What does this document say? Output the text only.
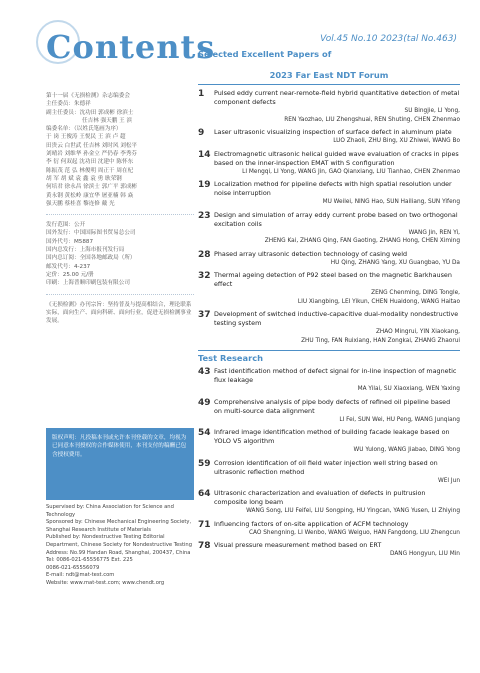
Contents	Vol.45 No.10 2023(tal No.463)

第十一届《无损检测》杂志编委会

主任委员：朱德祥

副主任委员：沈功田 郭成彬 徐滨士

任吉林 强天鹏 王 滨

编委名单：（以姓氏笔画为序）

于 岗 王俊涛 王悦民 王 滨 卢 超

田贵云 白世武 任吉林 刘时风 刘松平

刘晴岩 刘维华 孙金立 严仍春 李秀芬

李 衍 何双起 沈功田 沈建中 陈怀东

陈振茂 范 弘 林俊明 周正干 周在杞

胡 军 胡 斌 袁 鑫 袁 勇 耿荣钢

何培君 徐永昌 徐滨士 郭广平 郭成彬

黄永钢 黄松岭 康宜华 屠亚楠 韩 焱

强天鹏 蔡桂喜 黎连修 戴 光

发行范围：公开

国外发行：中国国际图书贸易总公司

国外代号：M5887

国内总发行：上海市报刊发行局

国内总订阅：全国各地邮政局（所）

邮发代号：4-237

定价：25.00 元/册

印刷：上海普顺印刷包装有限公司

《无损检测》办刊宗旨：坚持普及与提高相结合，理论联系实际，面向生产、面向科研、面向行业，促进无损检测事业发展。

版权声明：凡投稿本刊或允许本刊登载的文章，均视为已同意本刊授权的合作媒体使用，本刊支付的稿酬已包含授权费用。
Supervised by: China Association for Science and Technology
Sponsored by: Chinese Mechanical Engineering Society, Shanghai Research Institute of Materials
Published by: Nondestructive Testing Editorial Department, Chinese Society for Nondestructive Testing
Address: No.99 Handan Road, Shanghai, 200437, China
Tel: 0086-021-65556775 Ext. 225
0086-021-65556079
E-mail: ndt@mat-test.com
Website: www.mat-test.com; www.chendt.org
Selected Excellent Papers of
2023 Far East NDT Forum
1 Pulsed eddy current near-remote-field hybrid quantitative detection of metal component defects
SU Bingjie, LI Yong,
REN Yaozhao, LIU Zhengshuai, REN Shuting, CHEN Zhenmao
9 Laser ultrasonic visualizing inspection of surface defect in aluminum plate
LUO Zhaoli, ZHU Bing, XU Zhiwei, WANG Bo
14 Electromagnetic ultrasonic helical guided wave evaluation of cracks in pipes based on the inner-inspection EMAT with S configuration
LI Mengqi, LI Yong, WANG Jin, GAO Qianxiang, LIU Tianhao, CHEN Zhenmao
19 Localization method for pipeline defects with high spatial resolution under noise interruption
MU Weilei, NING Hao, SUN Hailiang, SUN Yifeng
23 Design and simulation of array eddy current probe based on two orthogonal excitation coils
WANG Jin, REN Yi,
ZHENG Kai, ZHANG Qing, FAN Gaoting, ZHANG Hong, CHEN Ximing
28 Phased array ultrasonic detection technology of casing weld
HU Qing, ZHANG Yang, XU Guangbao, YU Da
32 Thermal ageing detection of P92 steel based on the magnetic Barkhausen effect
ZENG Chenming, DING Tongle,
LIU Xiangbing, LEI Yikun, CHEN Huaidong, WANG Haitao
37 Development of switched inductive-capacitive dual-modality nondestructive testing system
ZHAO Mingrui, YIN Xiaokang,
ZHU Ting, FAN Ruixiang, HAN Zongkai, ZHANG Zhaorui
Test Research
43 Fast identification method of defect signal for in-line inspection of magnetic flux leakage
MA Yilai, SU Xiaoxiang, WEN Yaxing
49 Comprehensive analysis of pipe body defects of refined oil pipeline based on multi-source data alignment
LI Fei, SUN Wei, HU Peng, WANG Junqiang
54 Infrared image identification method of building facade leakage based on YOLO V5 algorithm
WU Yulong, WANG Jiabao, DING Yong
59 Corrosion identification of oil field water injection well string based on ultrasonic reflection method
WEI Jun
64 Ultrasonic characterization and evaluation of defects in pultrusion composite long beam
WANG Song, LIU Feifei, LIU Songping, HU Yingcan, YANG Yusen, LI Zhiying
71 Influencing factors of on-site application of ACFM technology
CAO Shengning, LI Wenbo, WANG Weiguo, HAN Fangdong, LIU Zhengcun
78 Visual pressure measurement method based on ERT
DANG Hongyun, LIU Min
